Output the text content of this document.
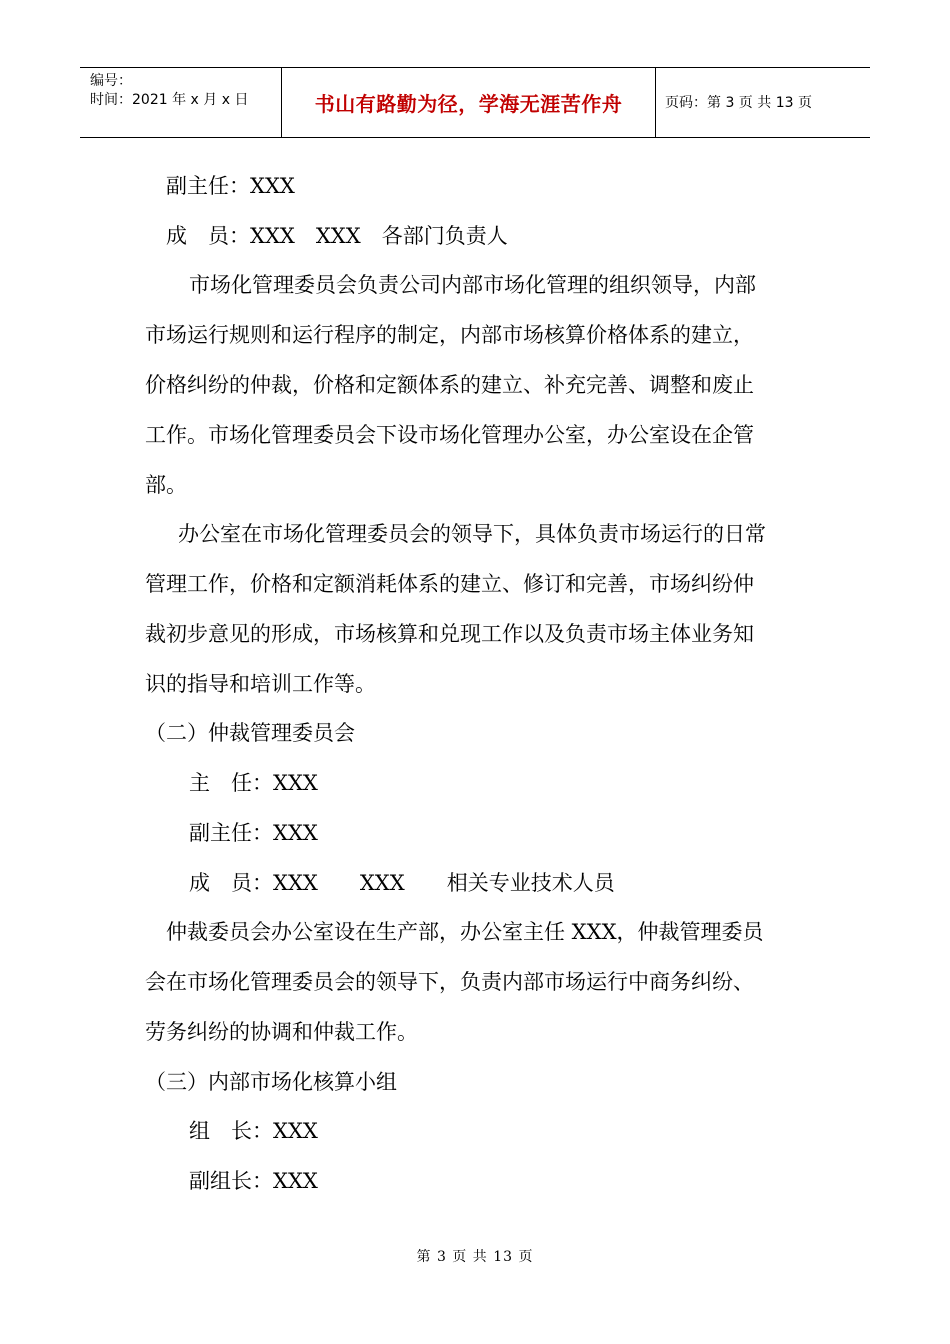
编号：
时间：2021 年 x 月 x 日	书山有路勤为径，学海无涯苦作舟	页码：第 3 页 共 13 页
副主任：XXX
成　员：XXX　XXX　各部门负责人
市场化管理委员会负责公司内部市场化管理的组织领导，内部
市场运行规则和运行程序的制定，内部市场核算价格体系的建立，
价格纠纷的仲裁，价格和定额体系的建立、补充完善、调整和废止
工作。市场化管理委员会下设市场化管理办公室，办公室设在企管
部。
办公室在市场化管理委员会的领导下，具体负责市场运行的日常
管理工作，价格和定额消耗体系的建立、修订和完善，市场纠纷仲
裁初步意见的形成，市场核算和兑现工作以及负责市场主体业务知
识的指导和培训工作等。
（二）仲裁管理委员会
主　任：XXX
副主任：XXX
成　员：XXX　　XXX　　相关专业技术人员
仲裁委员会办公室设在生产部，办公室主任 XXX，仲裁管理委员
会在市场化管理委员会的领导下，负责内部市场运行中商务纠纷、
劳务纠纷的协调和仲裁工作。
（三）内部市场化核算小组
组　长：XXX
副组长：XXX
第 3 页 共 13 页
